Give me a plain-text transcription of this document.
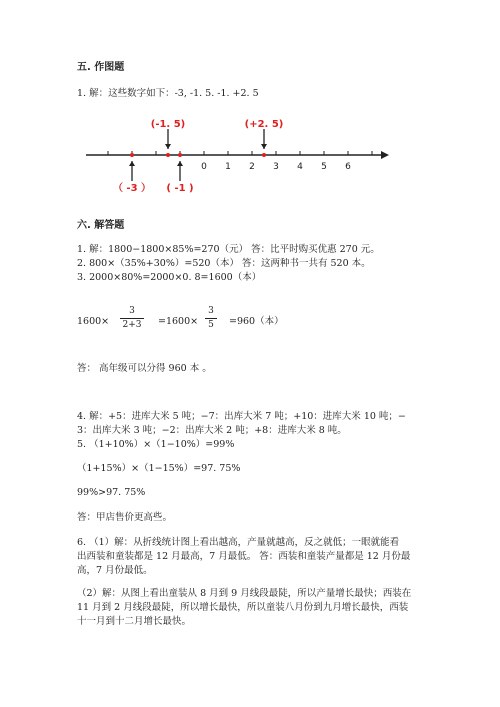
五. 作图题
1. 解：这些数字如下：-3, -1. 5. -1. +2. 5
0 1 2 3 4 5 6
（ -3 ）
(-1. 5)
( -1 )
(+2. 5)
六. 解答题
1. 解：1800−1800×85%=270（元） 答：比平时购买优惠 270 元。
2. 800×（35%+30%）=520（本） 答：这两种书一共有 520 本。
3. 2000×80%=2000×0. 8=1600（本）
1600×
3
2+3 =1600×
3
5	=960（本）
答： 高年级可以分得 960 本 。
4. 解：+5：进库大米 5 吨；−7：出库大米 7 吨；+10：进库大米 10 吨；−
3：出库大米 3 吨；−2：出库大米 2 吨；+8：进库大米 8 吨。
5. （1+10%）×（1−10%）=99%
（1+15%）×（1−15%）=97. 75%
99%>97. 75%
答：甲店售价更高些。
6. （1）解：从折线统计图上看出越高，产量就越高，反之就低；一眼就能看
出西装和童装都是 12 月最高，7 月最低。 答：西装和童装产量都是 12 月份最
高，7 月份最低。
（2）解：从图上看出童装从 8 月到 9 月线段最陡，所以产量增长最快；西装在
11 月到 2 月线段最陡，所以增长最快，所以童装八月份到九月增长最快，西装
十一月到十二月增长最快。
